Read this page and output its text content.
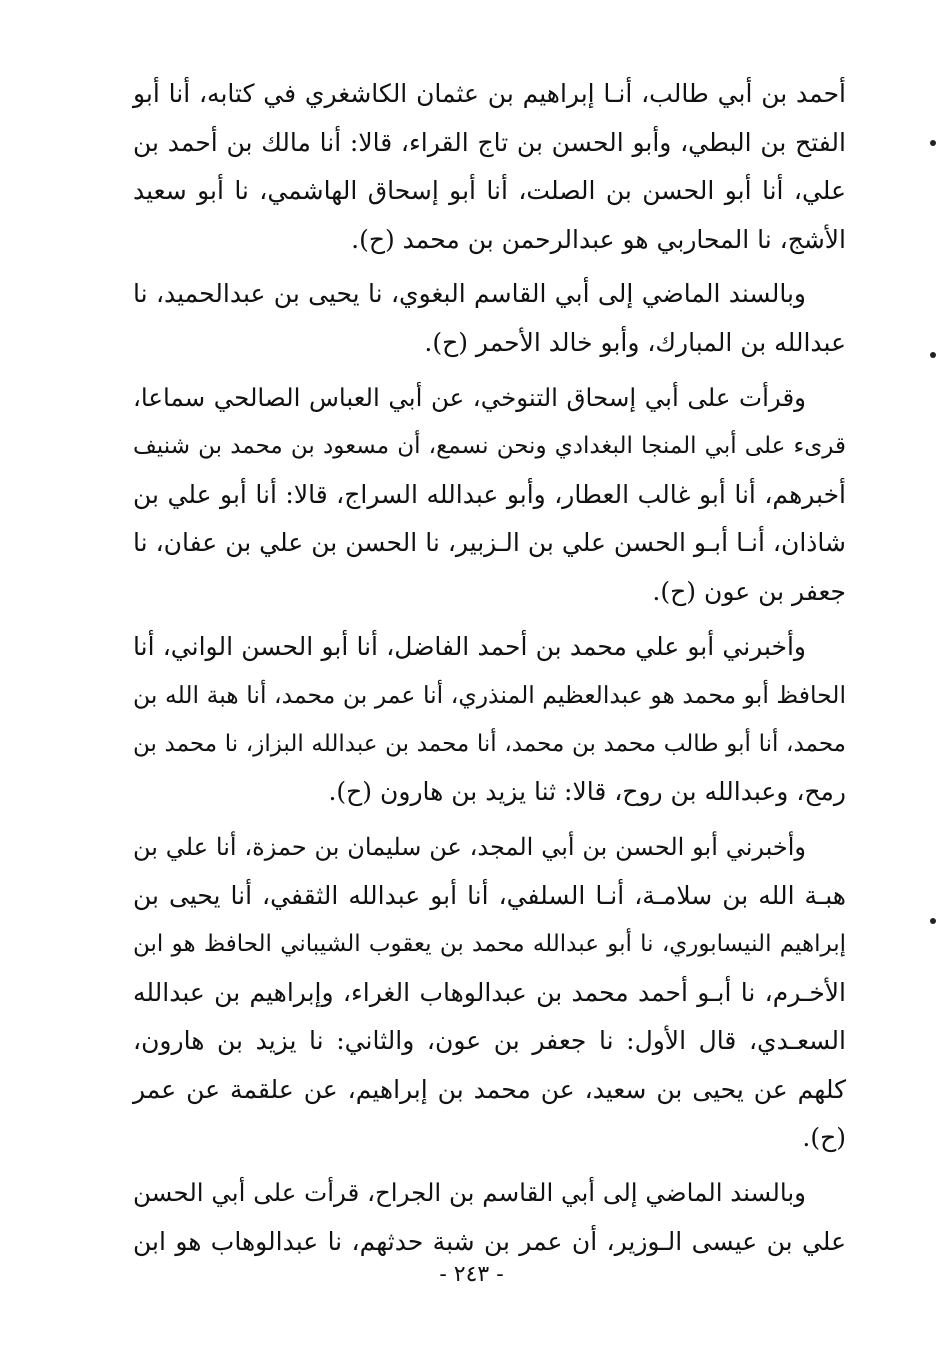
أحمد بن أبي طالب، أنـا إبراهيم بن عثمان الكاشغري في كتابه، أنا أبو
الفتح بن البطي، وأبو الحسن بن تاج القراء، قالا: أنا مالك بن أحمد بن
علي، أنا أبو الحسن بن الصلت، أنا أبو إسحاق الهاشمي، نا أبو سعيد
الأشج، نا المحاربي هو عبدالرحمن بن محمد (ح).

وبالسند الماضي إلى أبي القاسم البغوي، نا يحيى بن عبدالحميد، نا
عبدالله بن المبارك، وأبو خالد الأحمر (ح).

وقرأت على أبي إسحاق التنوخي، عن أبي العباس الصالحي سماعا،
قرىء على أبي المنجا البغدادي ونحن نسمع، أن مسعود بن محمد بن شنيف
أخبرهم، أنا أبو غالب العطار، وأبو عبدالله السراج، قالا: أنا أبو علي بن
شاذان، أنـا أبـو الحسن علي بن الـزبير، نا الحسن بن علي بن عفان، نا
جعفر بن عون (ح).

وأخبرني أبو علي محمد بن أحمد الفاضل، أنا أبو الحسن الواني، أنا
الحافظ أبو محمد هو عبدالعظيم المنذري، أنا عمر بن محمد، أنا هبة الله بن
محمد، أنا أبو طالب محمد بن محمد، أنا محمد بن عبدالله البزاز، نا محمد بن
رمح، وعبدالله بن روح، قالا: ثنا يزيد بن هارون (ح).

وأخبرني أبو الحسن بن أبي المجد، عن سليمان بن حمزة، أنا علي بن
هبـة الله بن سلامـة، أنـا السلفي، أنا أبو عبدالله الثقفي، أنا يحيى بن
إبراهيم النيسابوري، نا أبو عبدالله محمد بن يعقوب الشيباني الحافظ هو ابن
الأخـرم، نا أبـو أحمد محمد بن عبدالوهاب الغراء، وإبراهيم بن عبدالله
السعـدي، قال الأول: نا جعفر بن عون، والثاني: نا يزيد بن هارون،
كلهم عن يحيى بن سعيد، عن محمد بن إبراهيم، عن علقمة عن عمر
(ح).

وبالسند الماضي إلى أبي القاسم بن الجراح، قرأت على أبي الحسن
علي بن عيسى الـوزير، أن عمر بن شبة حدثهم، نا عبدالوهاب هو ابن

- ٢٤٣ -
